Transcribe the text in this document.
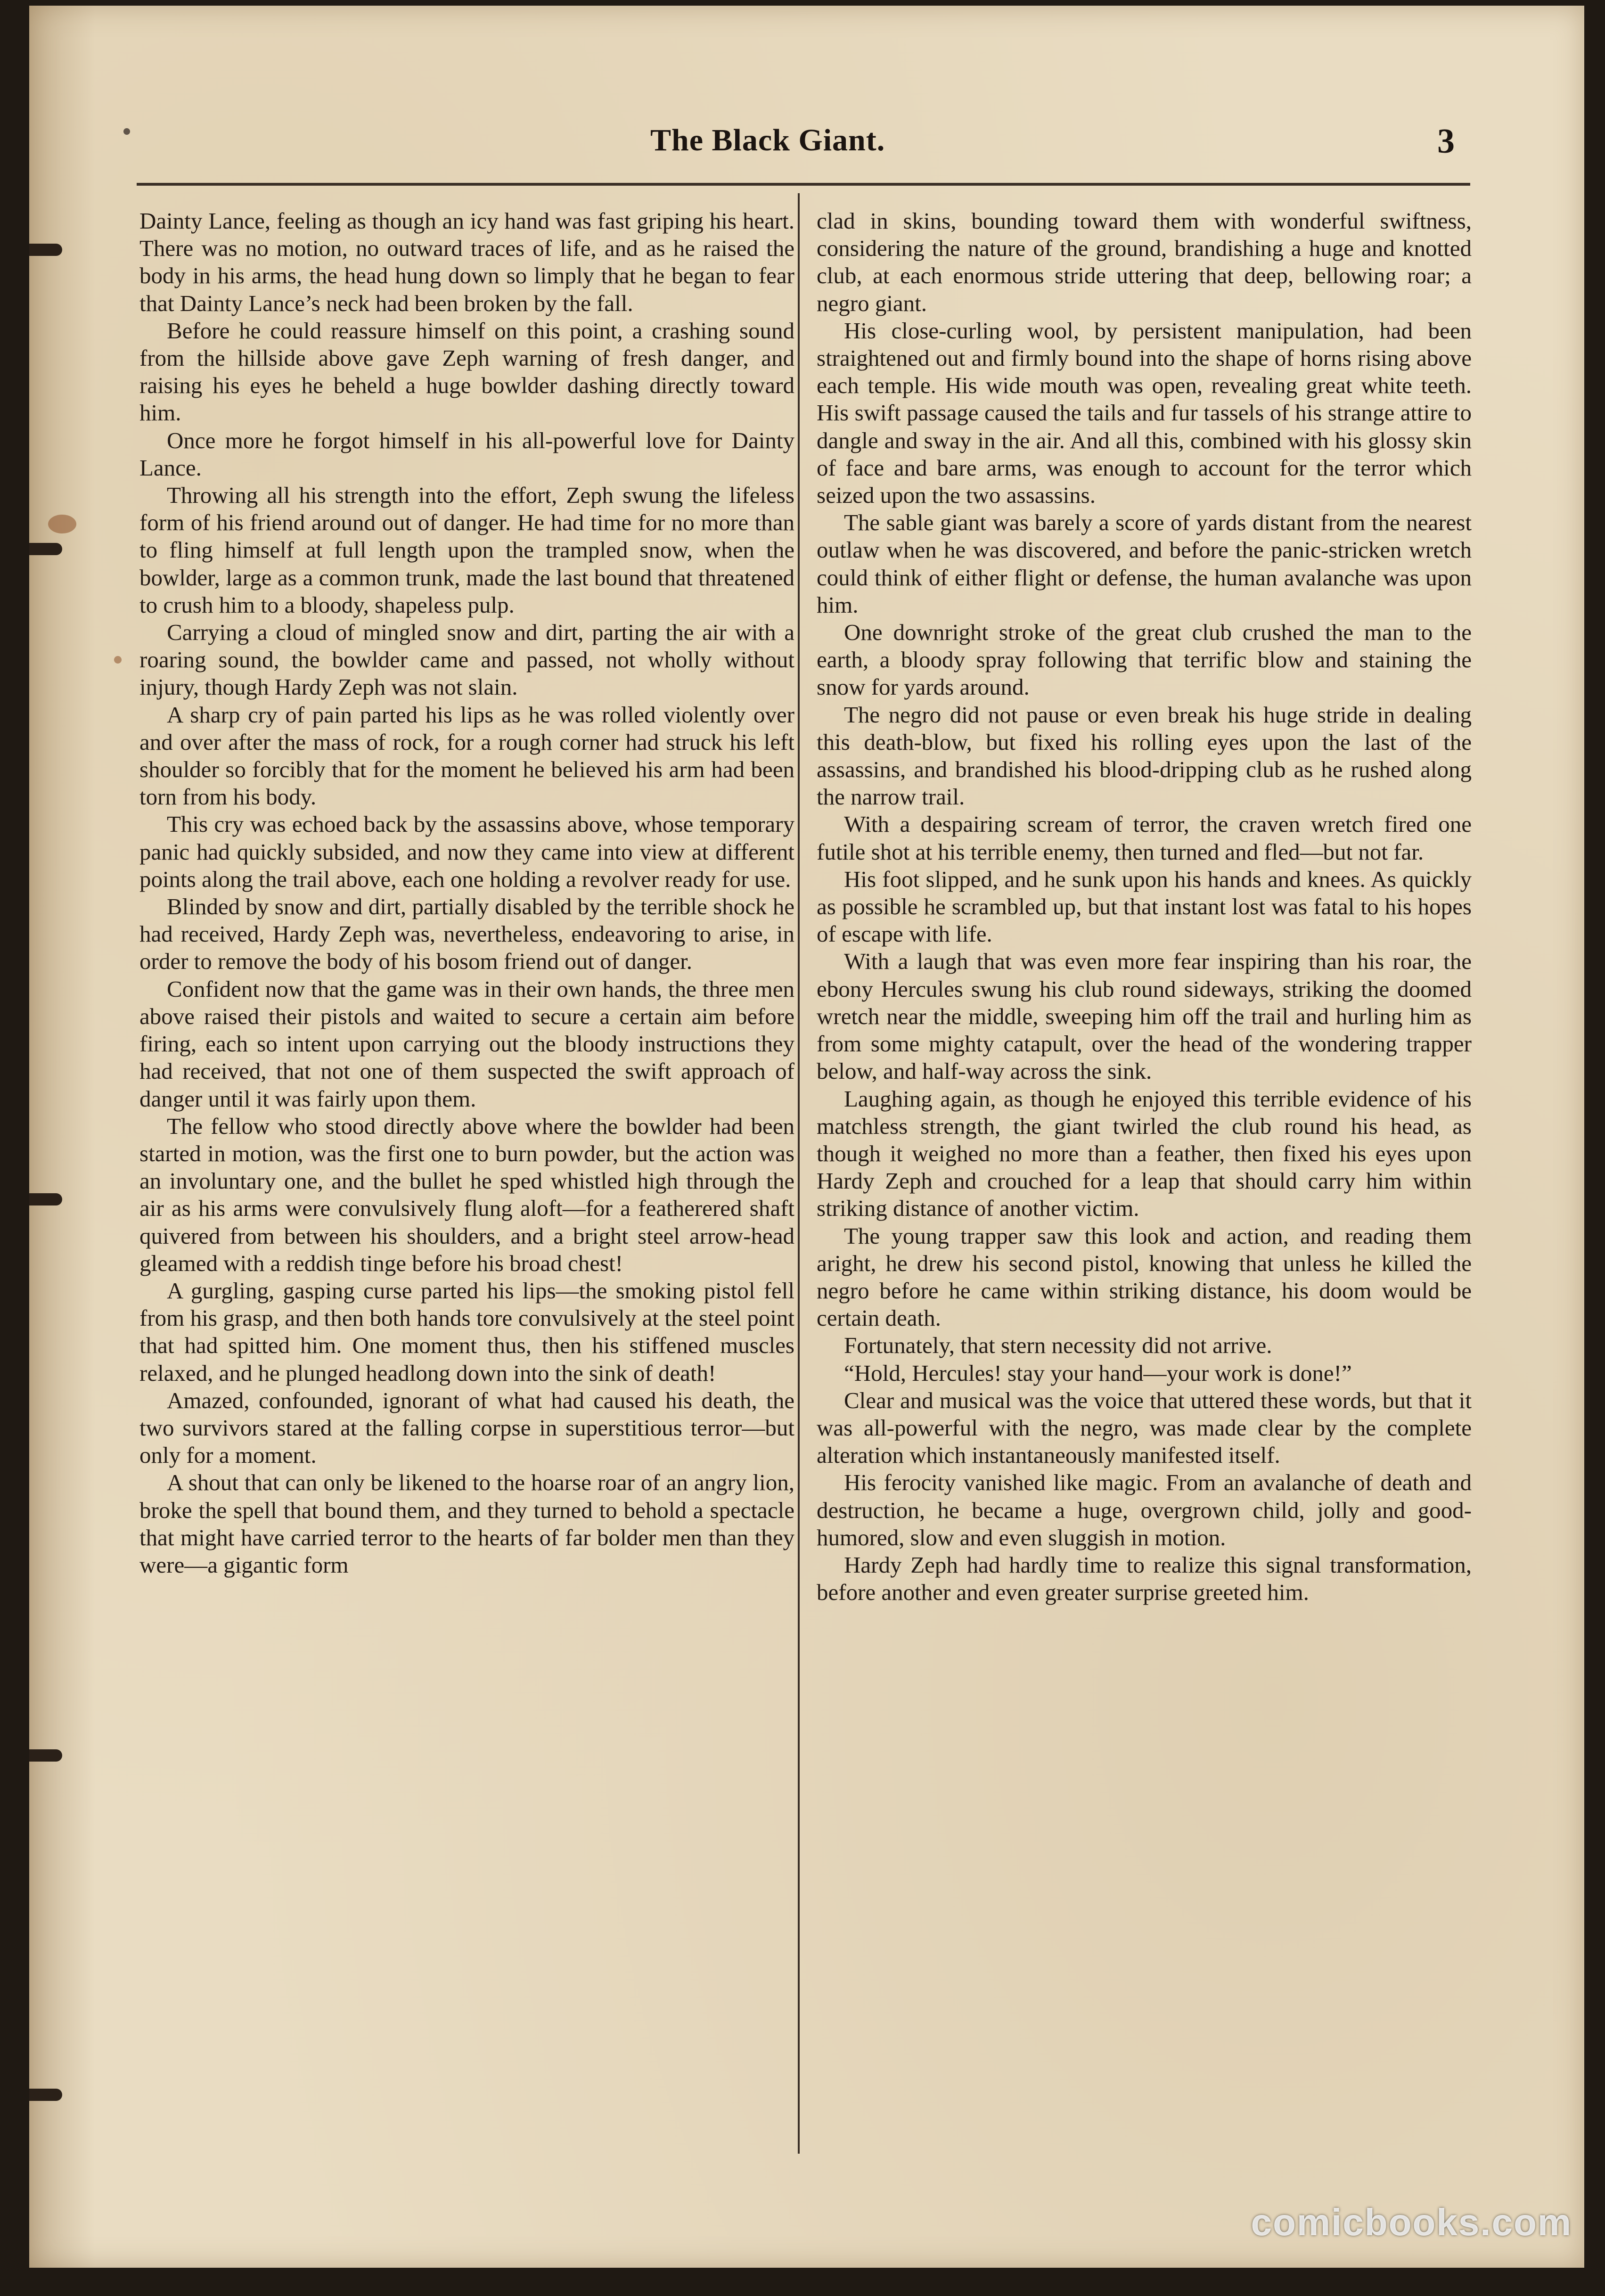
The Black Giant.	3

Dainty Lance, feeling as though an icy hand was fast griping his heart. There was no motion, no outward traces of life, and as he raised the body in his arms, the head hung down so limply that he began to fear that Dainty Lance’s neck had been broken by the fall.

Before he could reassure himself on this point, a crashing sound from the hillside above gave Zeph warning of fresh danger, and raising his eyes he beheld a huge bowlder dashing directly toward him.

Once more he forgot himself in his all-powerful love for Dainty Lance.

Throwing all his strength into the effort, Zeph swung the lifeless form of his friend around out of danger. He had time for no more than to fling himself at full length upon the trampled snow, when the bowlder, large as a common trunk, made the last bound that threatened to crush him to a bloody, shapeless pulp.

Carrying a cloud of mingled snow and dirt, parting the air with a roaring sound, the bowlder came and passed, not wholly without injury, though Hardy Zeph was not slain.

A sharp cry of pain parted his lips as he was rolled violently over and over after the mass of rock, for a rough corner had struck his left shoulder so forcibly that for the moment he believed his arm had been torn from his body.

This cry was echoed back by the assassins above, whose temporary panic had quickly subsided, and now they came into view at different points along the trail above, each one holding a revolver ready for use.

Blinded by snow and dirt, partially disabled by the terrible shock he had received, Hardy Zeph was, nevertheless, endeavoring to arise, in order to remove the body of his bosom friend out of danger.

Confident now that the game was in their own hands, the three men above raised their pistols and waited to secure a certain aim before firing, each so intent upon carrying out the bloody instructions they had received, that not one of them suspected the swift approach of danger until it was fairly upon them.

The fellow who stood directly above where the bowlder had been started in motion, was the first one to burn powder, but the action was an involuntary one, and the bullet he sped whistled high through the air as his arms were convulsively flung aloft—for a featherered shaft quivered from between his shoulders, and a bright steel arrow-head gleamed with a reddish tinge before his broad chest!

A gurgling, gasping curse parted his lips—the smoking pistol fell from his grasp, and then both hands tore convulsively at the steel point that had spitted him. One moment thus, then his stiffened muscles relaxed, and he plunged headlong down into the sink of death!

Amazed, confounded, ignorant of what had caused his death, the two survivors stared at the falling corpse in superstitious terror—but only for a moment.

A shout that can only be likened to the hoarse roar of an angry lion, broke the spell that bound them, and they turned to behold a spectacle that might have carried terror to the hearts of far bolder men than they were—a gigantic form

clad in skins, bounding toward them with wonderful swiftness, considering the nature of the ground, brandishing a huge and knotted club, at each enormous stride uttering that deep, bellowing roar; a negro giant.

His close-curling wool, by persistent manipulation, had been straightened out and firmly bound into the shape of horns rising above each temple. His wide mouth was open, revealing great white teeth. His swift passage caused the tails and fur tassels of his strange attire to dangle and sway in the air. And all this, combined with his glossy skin of face and bare arms, was enough to account for the terror which seized upon the two assassins.

The sable giant was barely a score of yards distant from the nearest outlaw when he was discovered, and before the panic-stricken wretch could think of either flight or defense, the human avalanche was upon him.

One downright stroke of the great club crushed the man to the earth, a bloody spray following that terrific blow and staining the snow for yards around.

The negro did not pause or even break his huge stride in dealing this death-blow, but fixed his rolling eyes upon the last of the assassins, and brandished his blood-dripping club as he rushed along the narrow trail.

With a despairing scream of terror, the craven wretch fired one futile shot at his terrible enemy, then turned and fled—but not far.

His foot slipped, and he sunk upon his hands and knees. As quickly as possible he scrambled up, but that instant lost was fatal to his hopes of escape with life.

With a laugh that was even more fear inspiring than his roar, the ebony Hercules swung his club round sideways, striking the doomed wretch near the middle, sweeping him off the trail and hurling him as from some mighty catapult, over the head of the wondering trapper below, and half-way across the sink.

Laughing again, as though he enjoyed this terrible evidence of his matchless strength, the giant twirled the club round his head, as though it weighed no more than a feather, then fixed his eyes upon Hardy Zeph and crouched for a leap that should carry him within striking distance of another victim.

The young trapper saw this look and action, and reading them aright, he drew his second pistol, knowing that unless he killed the negro before he came within striking distance, his doom would be certain death.

Fortunately, that stern necessity did not arrive.

“Hold, Hercules! stay your hand—your work is done!”

Clear and musical was the voice that uttered these words, but that it was all-powerful with the negro, was made clear by the complete alteration which instantaneously manifested itself.

His ferocity vanished like magic. From an avalanche of death and destruction, he became a huge, overgrown child, jolly and good-humored, slow and even sluggish in motion.

Hardy Zeph had hardly time to realize this signal transformation, before another and even greater surprise greeted him.

comicbooks.com
